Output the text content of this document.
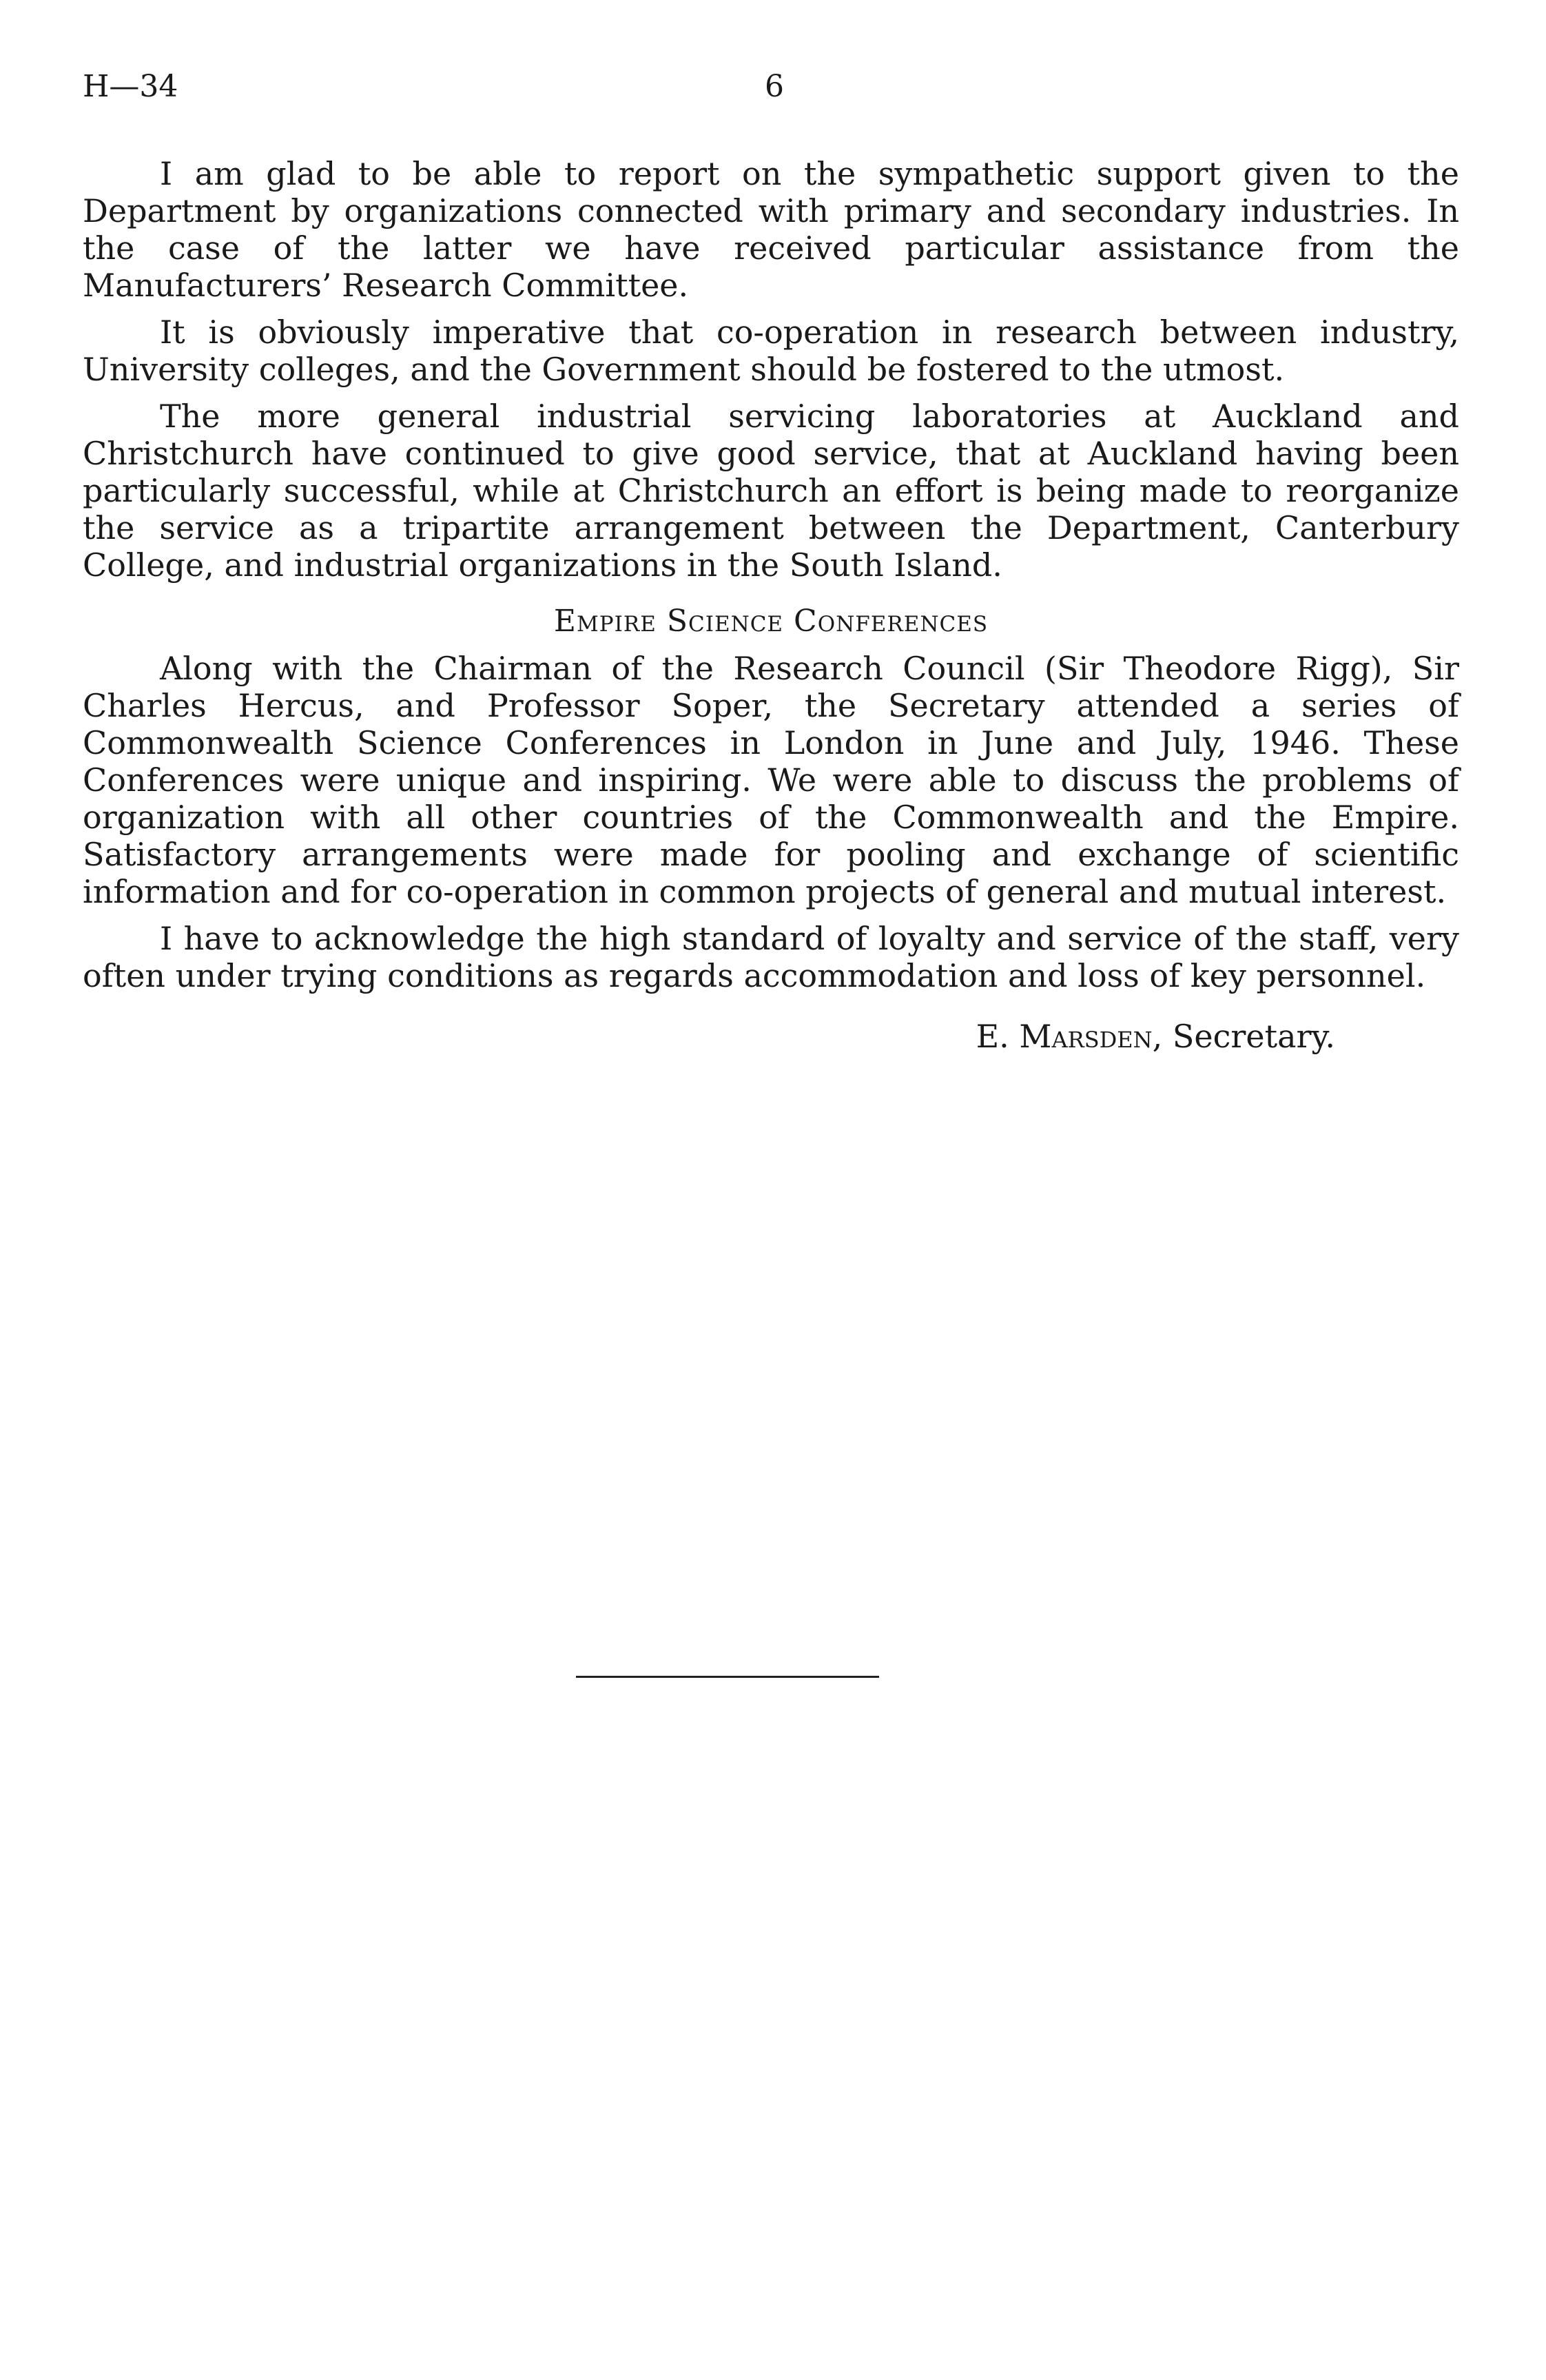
H—34	6

I am glad to be able to report on the sympathetic support given to the Department by organizations connected with primary and secondary industries. In the case of the latter we have received particular assistance from the Manufacturers’ Research Committee.

It is obviously imperative that co-operation in research between industry, University colleges, and the Government should be fostered to the utmost.

The more general industrial servicing laboratories at Auckland and Christchurch have continued to give good service, that at Auckland having been particularly successful, while at Christchurch an effort is being made to reorganize the service as a tripartite arrangement between the Department, Canterbury College, and industrial organizations in the South Island.

Empire Science Conferences

Along with the Chairman of the Research Council (Sir Theodore Rigg), Sir Charles Hercus, and Professor Soper, the Secretary attended a series of Commonwealth Science Conferences in London in June and July, 1946. These Conferences were unique and inspiring. We were able to discuss the problems of organization with all other countries of the Commonwealth and the Empire. Satisfactory arrangements were made for pooling and exchange of scientific information and for co-operation in common projects of general and mutual interest.

I have to acknowledge the high standard of loyalty and service of the staff, very often under trying conditions as regards accommodation and loss of key personnel.

E. Marsden, Secretary.
